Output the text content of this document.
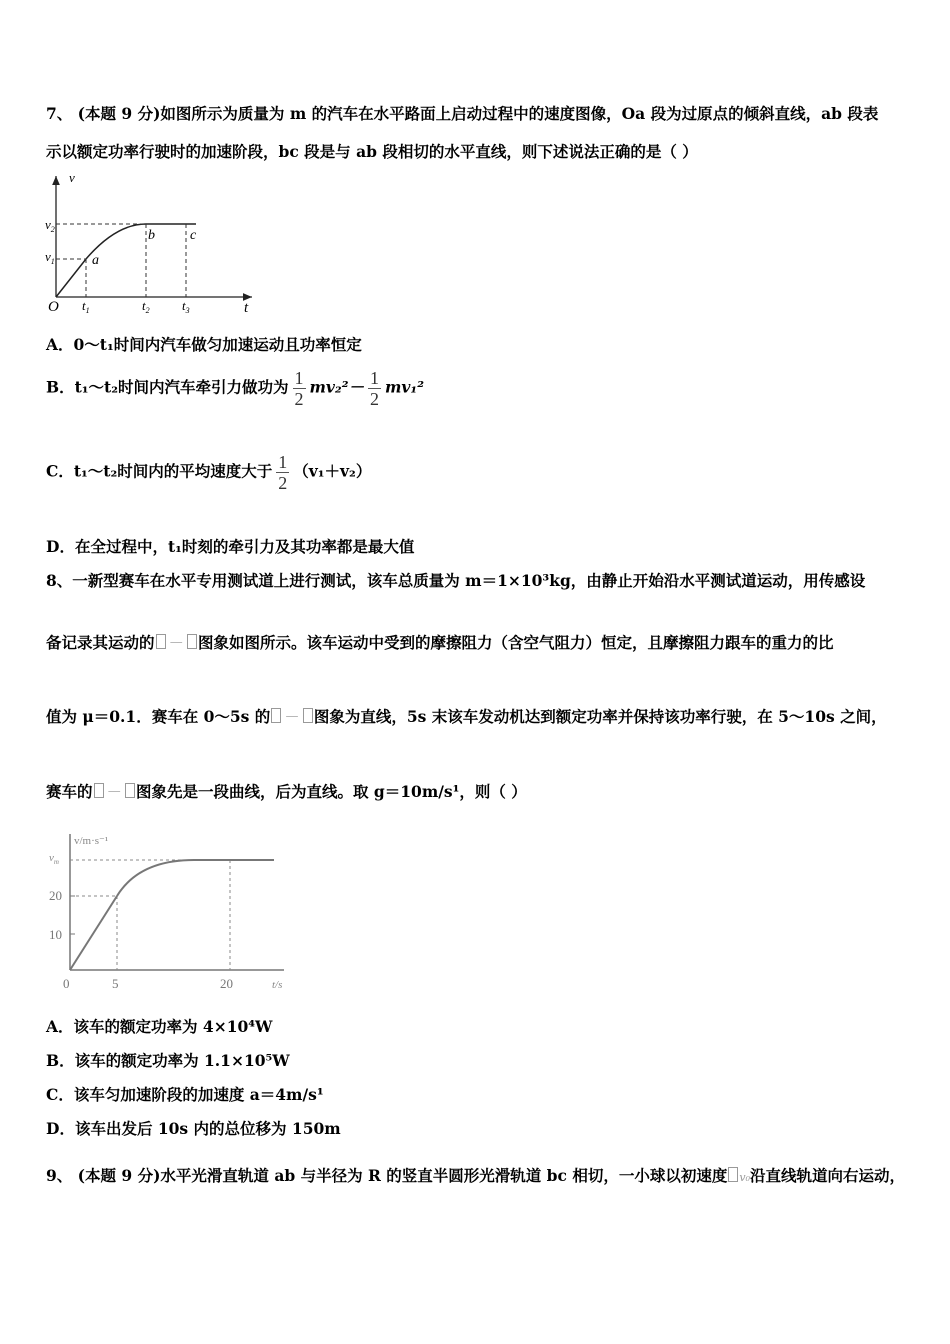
7、 (本题 9 分)如图所示为质量为 m 的汽车在水平路面上启动过程中的速度图像，Oa 段为过原点的倾斜直线，ab 段表
示以额定功率行驶时的加速阶段，bc 段是与 ab 段相切的水平直线，则下述说法正确的是（ ）
v
t
O
$v_2$
$v_1$
$t_1$	$t_2$ $t_3$
a
b	c
A．0～t₁时间内汽车做匀加速运动且功率恒定
B．t₁～t₂时间内汽车牵引力做功为 $\frac{1}{2} mv_2^2- \frac{1}{2} mv_1^2$
C．t₁～t₂时间内的平均速度大于 $\frac{1}{2} (v_1+v_2)$
D．在全过程中，t₁时刻的牵引力及其功率都是最大值
8、一新型赛车在水平专用测试道上进行测试，该车总质量为 m＝1×10³kg，由静止开始沿水平测试道运动，用传感设
备记录其运动的 － 图象如图所示。该车运动中受到的摩擦阻力（含空气阻力）恒定，且摩擦阻力跟车的重力的比
值为 μ＝0.1．赛车在 0～5s 的 － 图象为直线，5s 末该车发动机达到额定功率并保持该功率行驶，在 5～10s 之间，
赛车的 － 图象先是一段曲线，后为直线。取 g＝10m/s¹，则（ ）
v/m·s⁻¹
$v_m$
20
10
0	5	20	t/s
A．该车的额定功率为 4×10⁴W
B．该车的额定功率为 1.1×10⁵W
C．该车匀加速阶段的加速度 a＝4m/s¹
D．该车出发后 10s 内的总位移为 150m
9、 (本题 9 分)水平光滑直轨道 ab 与半径为 R 的竖直半圆形光滑轨道 bc 相切，一小球以初速度 v₀沿直线轨道向右运动，
